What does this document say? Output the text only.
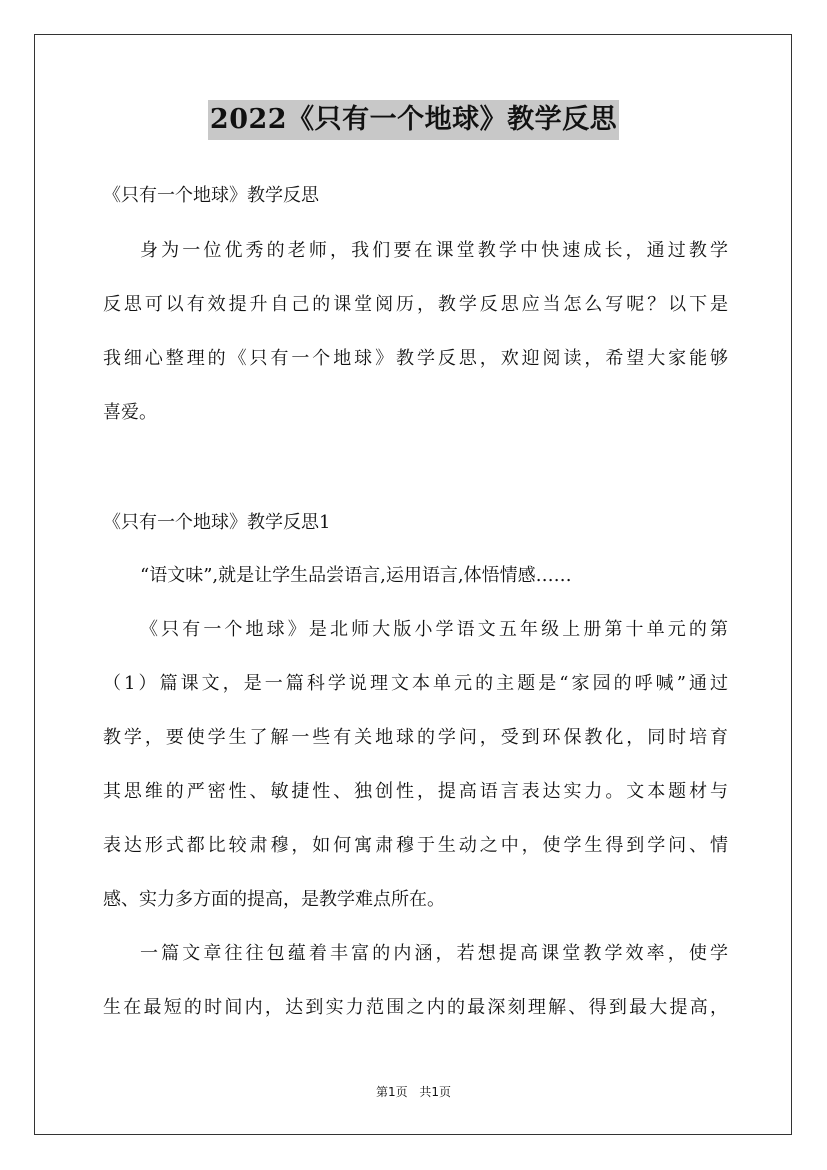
2022《只有一个地球》教学反思
《只有一个地球》教学反思
身为一位优秀的老师，我们要在课堂教学中快速成长，通过教学
反思可以有效提升自己的课堂阅历，教学反思应当怎么写呢？以下是
我细心整理的《只有一个地球》教学反思，欢迎阅读，希望大家能够
喜爱。
《只有一个地球》教学反思1
“语文味”,就是让学生品尝语言,运用语言,体悟情感……
《只有一个地球》是北师大版小学语文五年级上册第十单元的第
（1）篇课文，是一篇科学说理文本单元的主题是“家园的呼喊”通过
教学，要使学生了解一些有关地球的学问，受到环保教化，同时培育
其思维的严密性、敏捷性、独创性，提高语言表达实力。文本题材与
表达形式都比较肃穆，如何寓肃穆于生动之中，使学生得到学问、情
感、实力多方面的提高，是教学难点所在。
一篇文章往往包蕴着丰富的内涵，若想提高课堂教学效率，使学
生在最短的时间内，达到实力范围之内的最深刻理解、得到最大提高，
第1页 共1页
